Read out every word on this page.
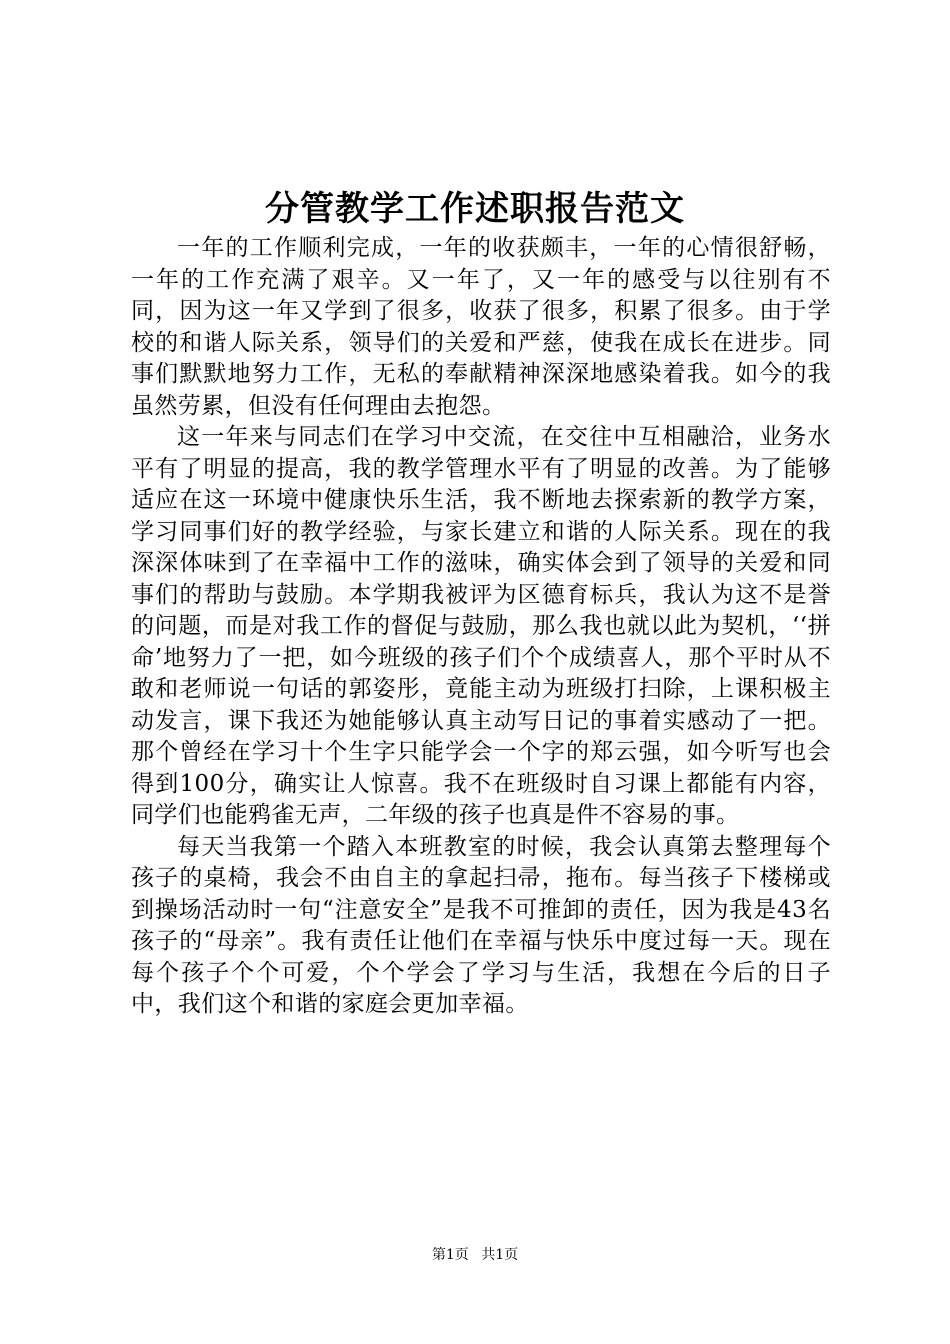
分管教学工作述职报告范文

一年的工作顺利完成，一年的收获颇丰，一年的心情很舒畅，一年的工作充满了艰辛。又一年了，又一年的感受与以往别有不同，因为这一年又学到了很多，收获了很多，积累了很多。由于学校的和谐人际关系，领导们的关爱和严慈，使我在成长在进步。同事们默默地努力工作，无私的奉献精神深深地感染着我。如今的我虽然劳累，但没有任何理由去抱怨。

这一年来与同志们在学习中交流，在交往中互相融洽，业务水平有了明显的提高，我的教学管理水平有了明显的改善。为了能够适应在这一环境中健康快乐生活，我不断地去探索新的教学方案，学习同事们好的教学经验，与家长建立和谐的人际关系。现在的我深深体味到了在幸福中工作的滋味，确实体会到了领导的关爱和同事们的帮助与鼓励。本学期我被评为区德育标兵，我认为这不是誉的问题，而是对我工作的督促与鼓励，那么我也就以此为契机，‘‘拼命’地努力了一把，如今班级的孩子们个个成绩喜人，那个平时从不敢和老师说一句话的郭姿彤，竟能主动为班级打扫除，上课积极主动发言，课下我还为她能够认真主动写日记的事着实感动了一把。那个曾经在学习十个生字只能学会一个字的郑云强，如今听写也会得到100分，确实让人惊喜。我不在班级时自习课上都能有内容，同学们也能鸦雀无声，二年级的孩子也真是件不容易的事。

每天当我第一个踏入本班教室的时候，我会认真第去整理每个孩子的桌椅，我会不由自主的拿起扫帚，拖布。每当孩子下楼梯或到操场活动时一句“注意安全”是我不可推卸的责任，因为我是43名孩子的“母亲”。我有责任让他们在幸福与快乐中度过每一天。现在每个孩子个个可爱，个个学会了学习与生活，我想在今后的日子中，我们这个和谐的家庭会更加幸福。

第1页 共1页
